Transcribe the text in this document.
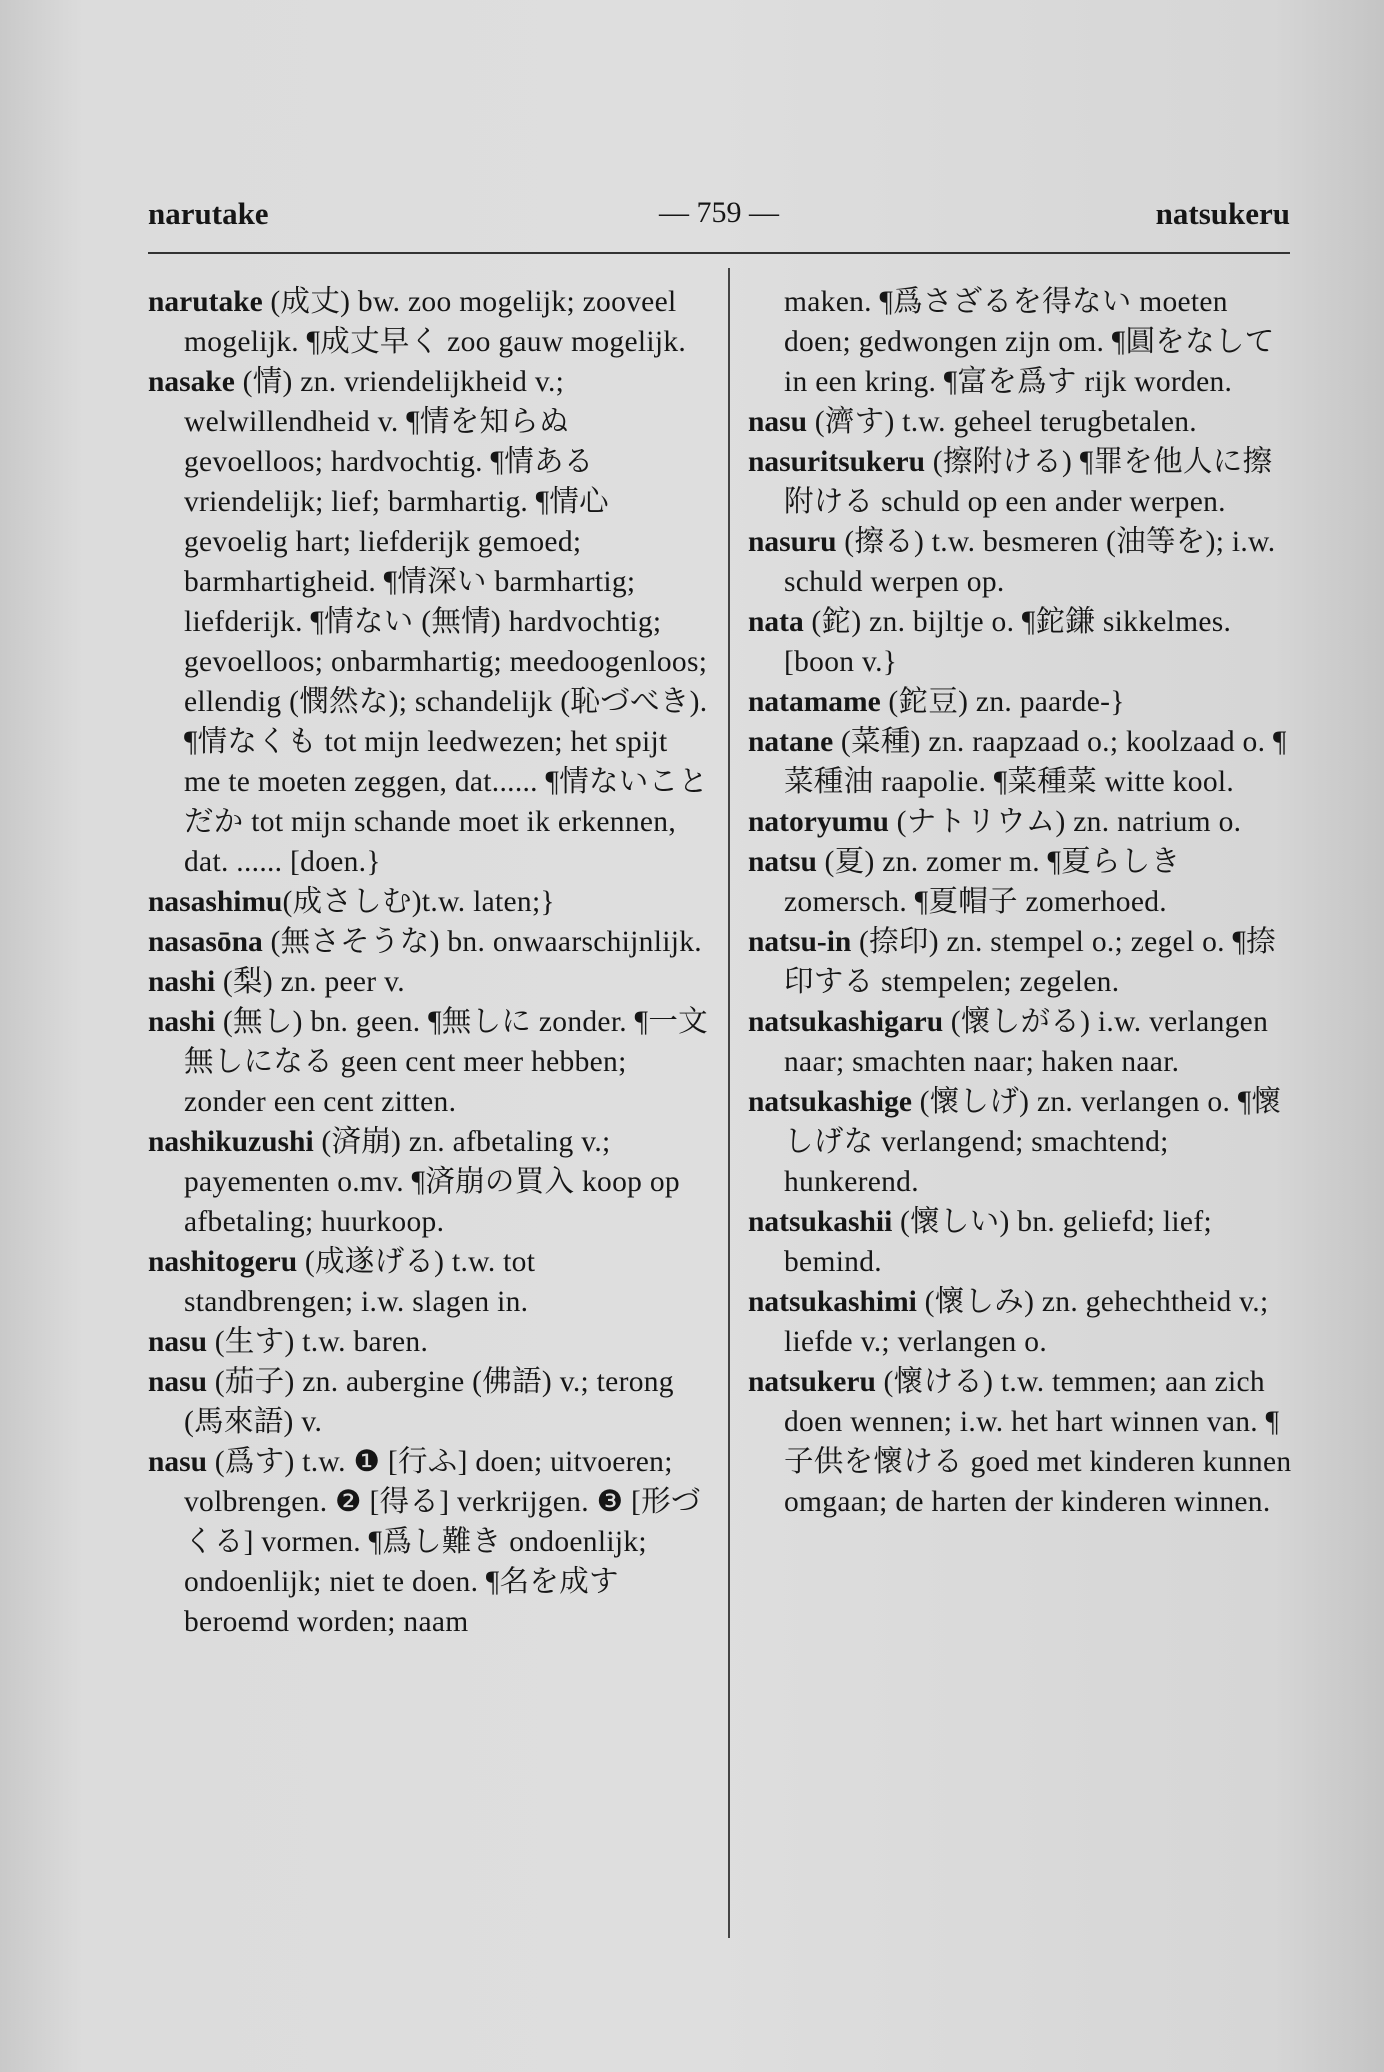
narutake	— 759 —	natsukeru

narutake (成丈) bw. zoo mogelijk; zooveel mogelijk. ¶成丈早く zoo gauw mogelijk.

nasake (情) zn. vriendelijkheid v.; welwillendheid v. ¶情を知らぬ gevoelloos; hardvochtig. ¶情ある vriendelijk; lief; barmhartig. ¶情心 gevoelig hart; liefderijk gemoed; barmhartigheid. ¶情深い barmhartig; liefderijk. ¶情ない (無情) hardvochtig; gevoelloos; onbarmhartig; meedoogenloos; ellendig (憫然な); schandelijk (恥づべき). ¶情なくも tot mijn leedwezen; het spijt me te moeten zeggen, dat...... ¶情ないことだか tot mijn schande moet ik erkennen, dat. ...... [doen.}

nasashimu(成さしむ)t.w. laten;}

nasasōna (無さそうな) bn. onwaarschijnlijk.

nashi (梨) zn. peer v.

nashi (無し) bn. geen. ¶無しに zonder. ¶一文無しになる geen cent meer hebben; zonder een cent zitten.

nashikuzushi (済崩) zn. afbetaling v.; payementen o.mv. ¶済崩の買入 koop op afbetaling; huurkoop.

nashitogeru (成遂げる) t.w. tot standbrengen; i.w. slagen in.

nasu (生す) t.w. baren.

nasu (茄子) zn. aubergine (佛語) v.; terong (馬來語) v.

nasu (爲す) t.w. ❶ [行ふ] doen; uitvoeren; volbrengen. ❷ [得る] verkrijgen. ❸ [形づくる] vormen. ¶爲し難き ondoenlijk; ondoenlijk; niet te doen. ¶名を成す beroemd worden; naam

maken. ¶爲さざるを得ない moeten doen; gedwongen zijn om. ¶圓をなして in een kring. ¶富を爲す rijk worden.

nasu (濟す) t.w. geheel terugbetalen.

nasuritsukeru (擦附ける) ¶罪を他人に擦附ける schuld op een ander werpen.

nasuru (擦る) t.w. besmeren (油等を); i.w. schuld werpen op.

nata (鉈) zn. bijltje o. ¶鉈鎌 sikkelmes. [boon v.}

natamame (鉈豆) zn. paarde-}

natane (菜種) zn. raapzaad o.; koolzaad o. ¶菜種油 raapolie. ¶菜種菜 witte kool.

natoryumu (ナトリウム) zn. natrium o.

natsu (夏) zn. zomer m. ¶夏らしき zomersch. ¶夏帽子 zomerhoed.

natsu-in (捺印) zn. stempel o.; zegel o. ¶捺印する stempelen; zegelen.

natsukashigaru (懷しがる) i.w. verlangen naar; smachten naar; haken naar.

natsukashige (懷しげ) zn. verlangen o. ¶懷しげな verlangend; smachtend; hunkerend.

natsukashii (懷しい) bn. geliefd; lief; bemind.

natsukashimi (懷しみ) zn. gehechtheid v.; liefde v.; verlangen o.

natsukeru (懷ける) t.w. temmen; aan zich doen wennen; i.w. het hart winnen van. ¶子供を懷ける goed met kinderen kunnen omgaan; de harten der kinderen winnen.
